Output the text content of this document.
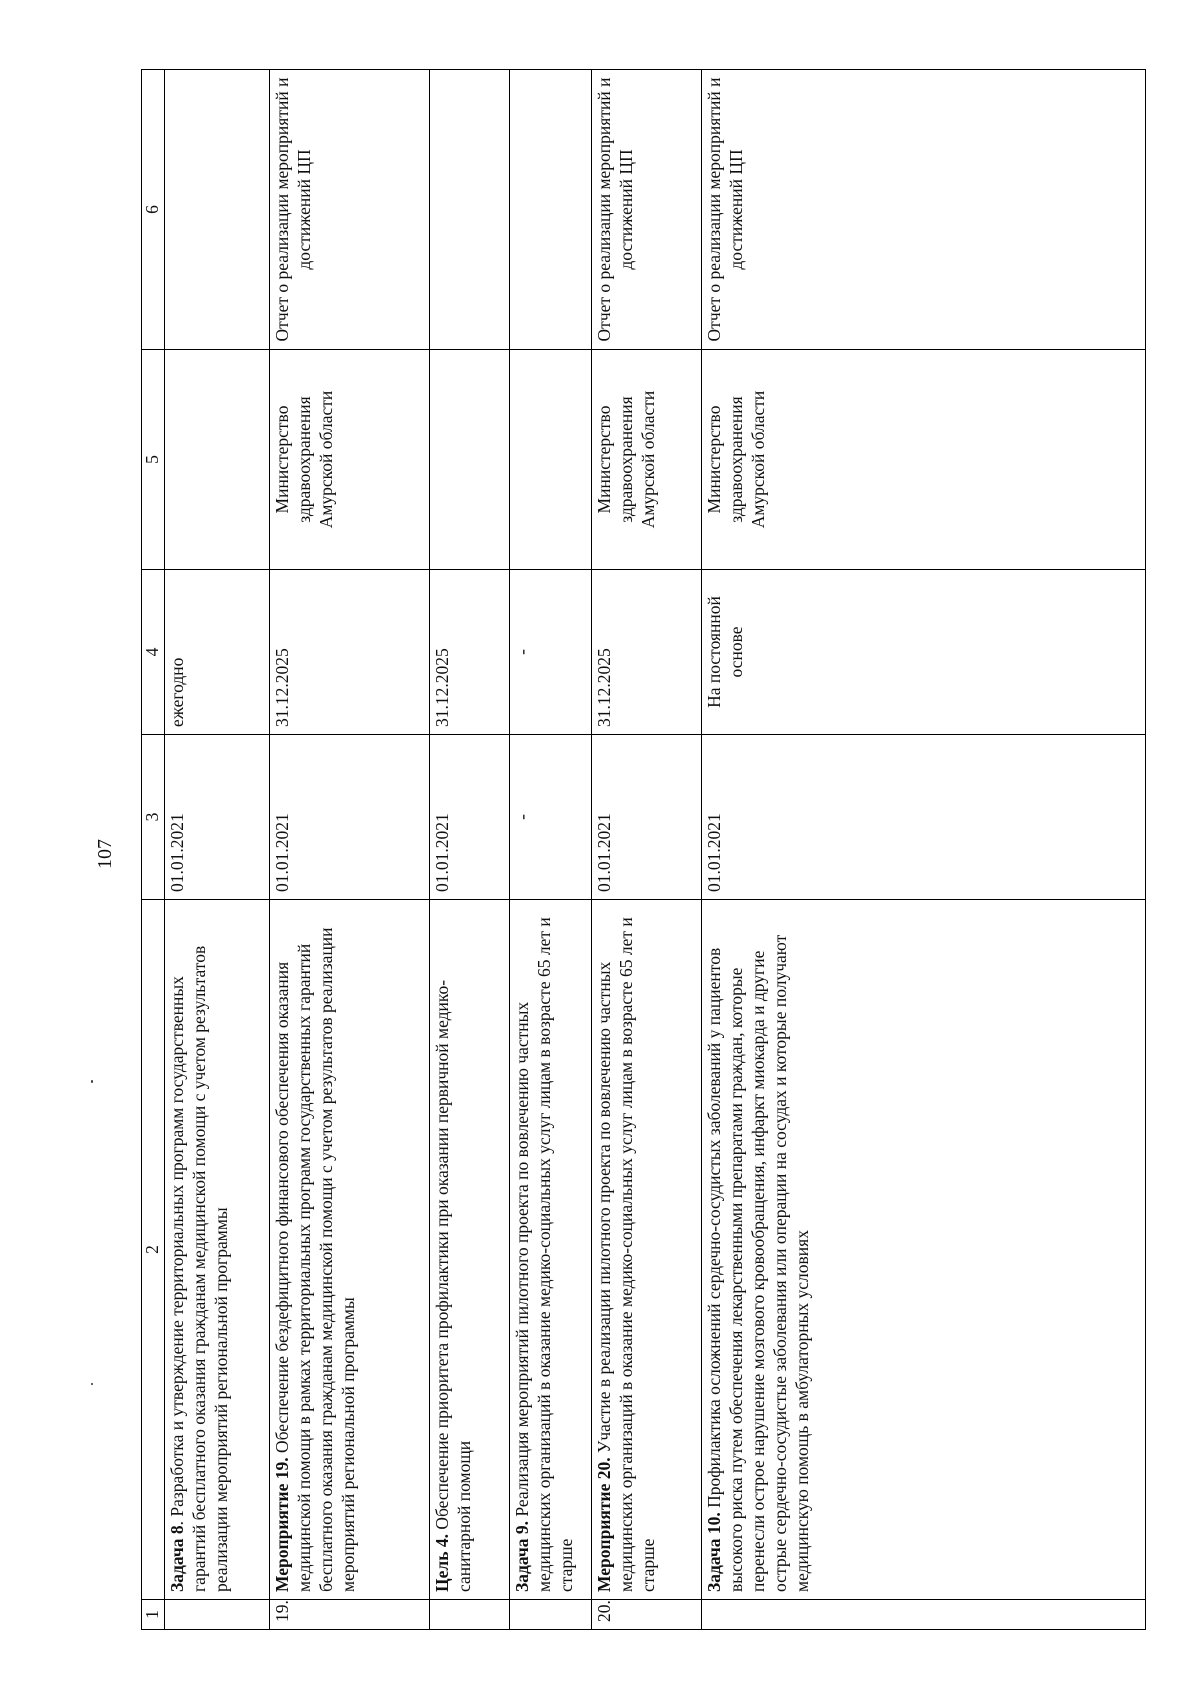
107
1	2	3	4	5	6
	Задача 8. Разработка и утверждение территориальных программ государственных гарантий бесплатного оказания гражданам медицинской помощи с учетом результатов реализации мероприятий региональной программы	01.01.2021	ежегодно		
19.	Мероприятие 19. Обеспечение бездефицитного финансового обеспечения оказания медицинской помощи в рамках территориальных программ государственных гарантий бесплатного оказания гражданам медицинской помощи с учетом результатов реализации мероприятий региональной программы	01.01.2021	31.12.2025	Министерство здравоохранения Амурской области	Отчет о реализации мероприятий и достижений ЦП
	Цель 4. Обеспечение приоритета профилактики при оказании первичной медико-санитарной помощи	01.01.2021	31.12.2025		
	Задача 9. Реализация мероприятий пилотного проекта по вовлечению частных медицинских организаций в оказание медико-социальных услуг лицам в возрасте 65 лет и старше	-	-		
20.	Мероприятие 20. Участие в реализации пилотного проекта по вовлечению частных медицинских организаций в оказание медико-социальных услуг лицам в возрасте 65 лет и старше	01.01.2021	31.12.2025	Министерство здравоохранения Амурской области	Отчет о реализации мероприятий и достижений ЦП
	Задача 10. Профилактика осложнений сердечно-сосудистых заболеваний у пациентов высокого риска путем обеспечения лекарственными препаратами граждан, которые перенесли острое нарушение мозгового кровообращения, инфаркт миокарда и другие острые сердечно-сосудистые заболевания или операции на сосудах и которые получают медицинскую помощь в амбулаторных условиях	01.01.2021	На постоянной основе	Министерство здравоохранения Амурской области	Отчет о реализации мероприятий и достижений ЦП
